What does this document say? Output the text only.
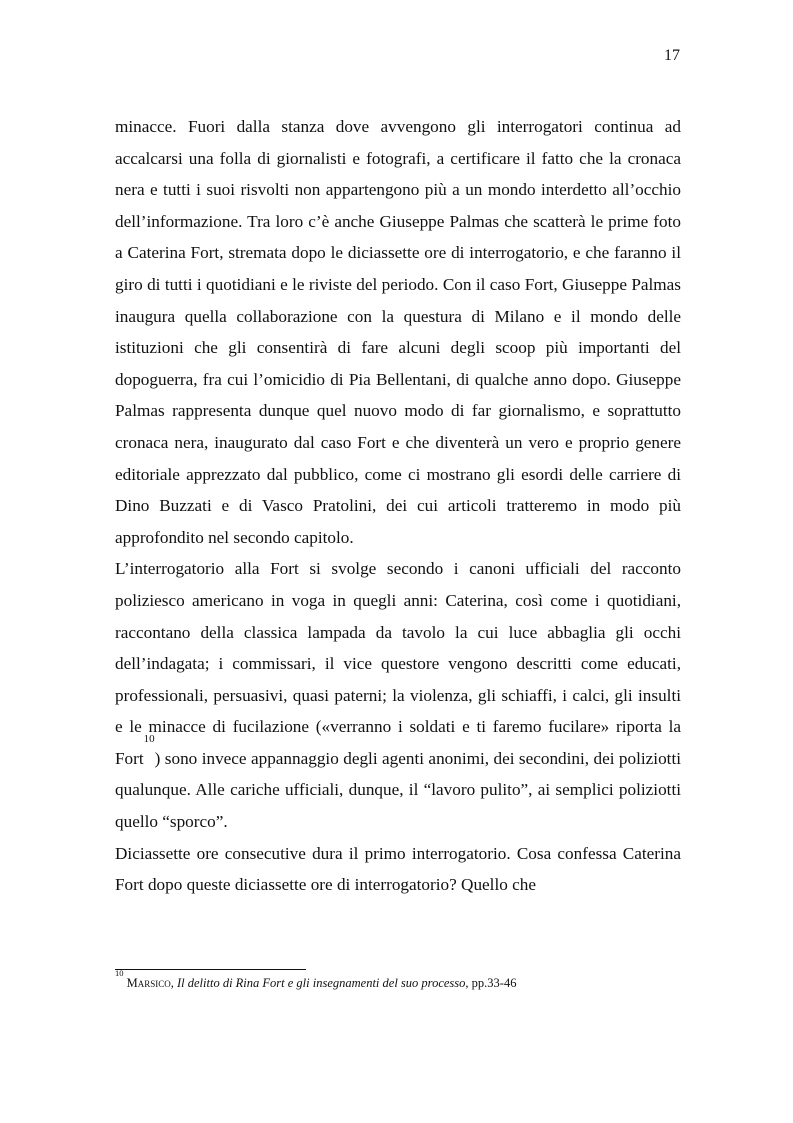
17

minacce. Fuori dalla stanza dove avvengono gli interrogatori continua ad accalcarsi una folla di giornalisti e fotografi, a certificare il fatto che la cronaca nera e tutti i suoi risvolti non appartengono più a un mondo interdetto all’occhio dell’informazione. Tra loro c’è anche Giuseppe Palmas che scatterà le prime foto a Caterina Fort, stremata dopo le diciassette ore di interrogatorio, e che faranno il giro di tutti i quotidiani e le riviste del periodo. Con il caso Fort, Giuseppe Palmas inaugura quella collaborazione con la questura di Milano e il mondo delle istituzioni che gli consentirà di fare alcuni degli scoop più importanti del dopoguerra, fra cui l’omicidio di Pia Bellentani, di qualche anno dopo. Giuseppe Palmas rappresenta dunque quel nuovo modo di far giornalismo, e soprattutto cronaca nera, inaugurato dal caso Fort e che diventerà un vero e proprio genere editoriale apprezzato dal pubblico, come ci mostrano gli esordi delle carriere di Dino Buzzati e di Vasco Pratolini, dei cui articoli tratteremo in modo più approfondito nel secondo capitolo.

L’interrogatorio alla Fort si svolge secondo i canoni ufficiali del racconto poliziesco americano in voga in quegli anni: Caterina, così come i quotidiani, raccontano della classica lampada da tavolo la cui luce abbaglia gli occhi dell’indagata; i commissari, il vice questore vengono descritti come educati, professionali, persuasivi, quasi paterni; la violenza, gli schiaffi, i calci, gli insulti e le minacce di fucilazione («verranno i soldati e ti faremo fucilare» riporta la Fort$^{10}$) sono invece appannaggio degli agenti anonimi, dei secondini, dei poliziotti qualunque. Alle cariche ufficiali, dunque, il “lavoro pulito”, ai semplici poliziotti quello “sporco”.

Diciassette ore consecutive dura il primo interrogatorio. Cosa confessa Caterina Fort dopo queste diciassette ore di interrogatorio? Quello che

$^{10}$ Marsico, Il delitto di Rina Fort e gli insegnamenti del suo processo, pp.33-46
